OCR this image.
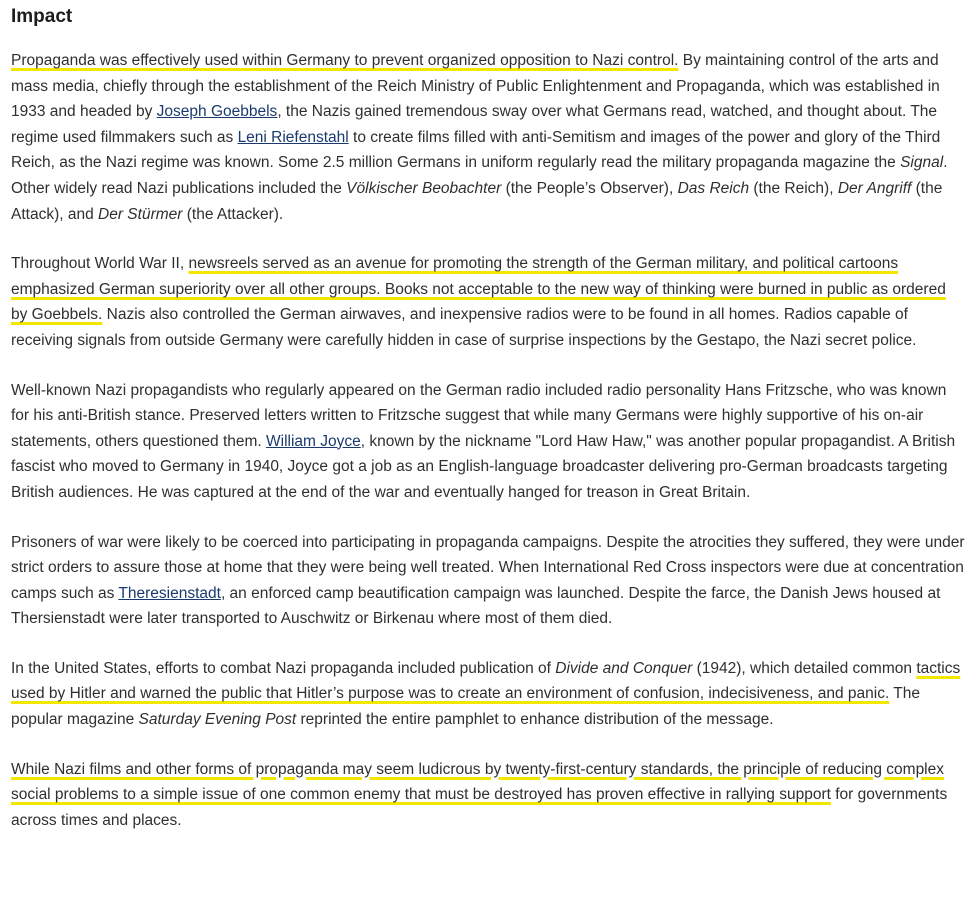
Impact

Propaganda was effectively used within Germany to prevent organized opposition to Nazi control. By maintaining control of the arts and mass media, chiefly through the establishment of the Reich Ministry of Public Enlightenment and Propaganda, which was established in 1933 and headed by Joseph Goebbels, the Nazis gained tremendous sway over what Germans read, watched, and thought about. The regime used filmmakers such as Leni Riefenstahl to create films filled with anti-Semitism and images of the power and glory of the Third Reich, as the Nazi regime was known. Some 2.5 million Germans in uniform regularly read the military propaganda magazine the Signal. Other widely read Nazi publications included the Völkischer Beobachter (the People’s Observer), Das Reich (the Reich), Der Angriff (the Attack), and Der Stürmer (the Attacker).

Throughout World War II, newsreels served as an avenue for promoting the strength of the German military, and political cartoons emphasized German superiority over all other groups. Books not acceptable to the new way of thinking were burned in public as ordered by Goebbels. Nazis also controlled the German airwaves, and inexpensive radios were to be found in all homes. Radios capable of receiving signals from outside Germany were carefully hidden in case of surprise inspections by the Gestapo, the Nazi secret police.

Well-known Nazi propagandists who regularly appeared on the German radio included radio personality Hans Fritzsche, who was known for his anti-British stance. Preserved letters written to Fritzsche suggest that while many Germans were highly supportive of his on-air statements, others questioned them. William Joyce, known by the nickname "Lord Haw Haw," was another popular propagandist. A British fascist who moved to Germany in 1940, Joyce got a job as an English-language broadcaster delivering pro-German broadcasts targeting British audiences. He was captured at the end of the war and eventually hanged for treason in Great Britain.

Prisoners of war were likely to be coerced into participating in propaganda campaigns. Despite the atrocities they suffered, they were under strict orders to assure those at home that they were being well treated. When International Red Cross inspectors were due at concentration camps such as Theresienstadt, an enforced camp beautification campaign was launched. Despite the farce, the Danish Jews housed at Thersienstadt were later transported to Auschwitz or Birkenau where most of them died.

In the United States, efforts to combat Nazi propaganda included publication of Divide and Conquer (1942), which detailed common tactics used by Hitler and warned the public that Hitler’s purpose was to create an environment of confusion, indecisiveness, and panic. The popular magazine Saturday Evening Post reprinted the entire pamphlet to enhance distribution of the message.

While Nazi films and other forms of propaganda may seem ludicrous by twenty-first-century standards, the principle of reducing complex social problems to a simple issue of one common enemy that must be destroyed has proven effective in rallying support for governments across times and places.
